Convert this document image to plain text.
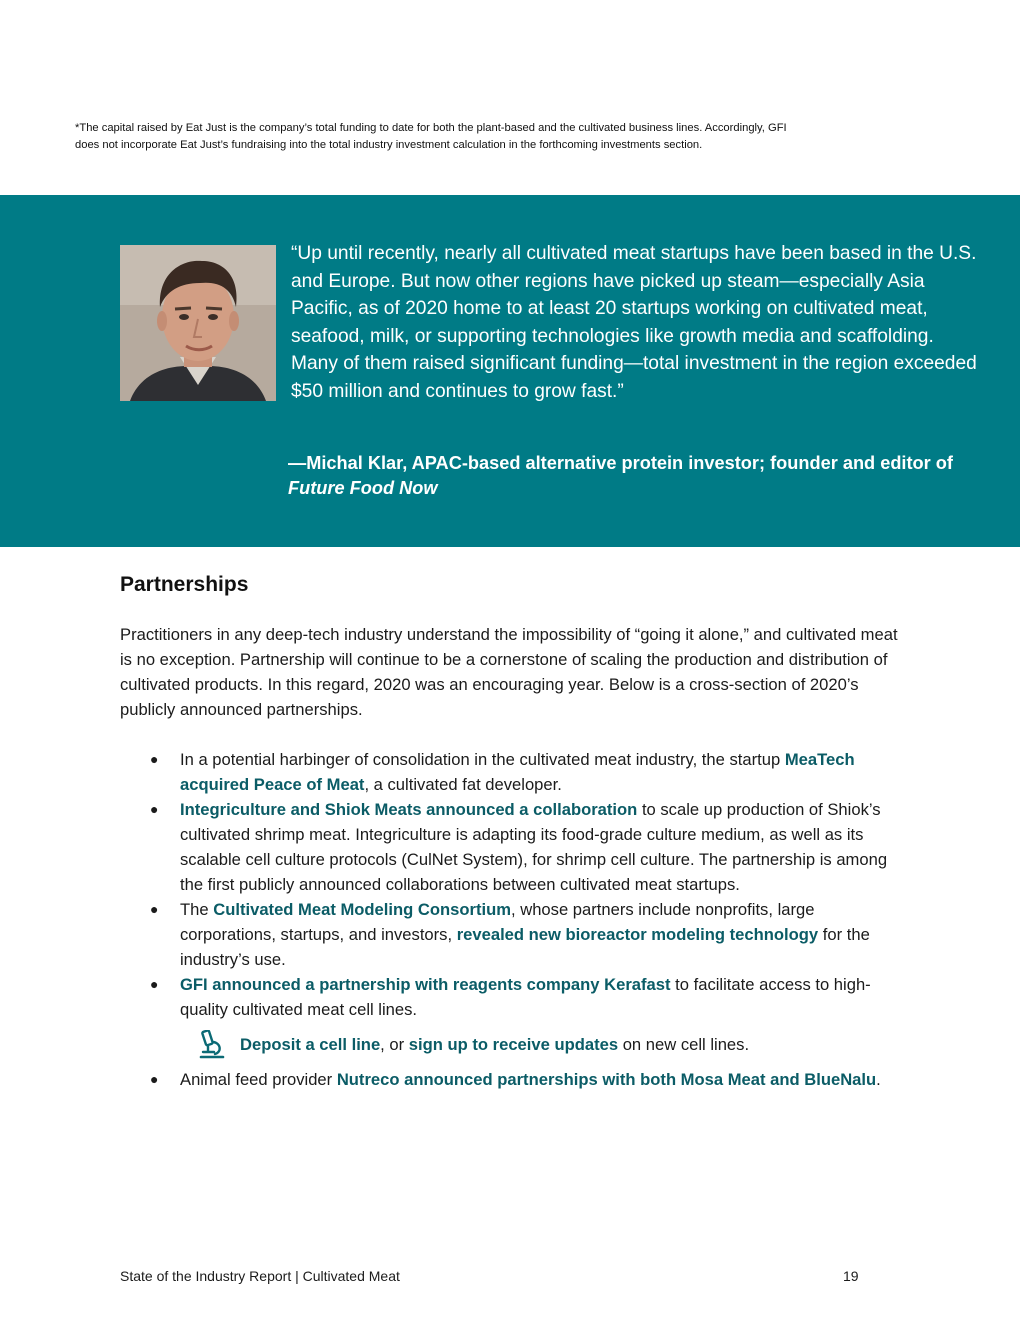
*The capital raised by Eat Just is the company’s total funding to date for both the plant-based and the cultivated business lines. Accordingly, GFI
does not incorporate Eat Just’s fundraising into the total industry investment calculation in the forthcoming investments section.
“Up until recently, nearly all cultivated meat startups have been based in the U.S. and Europe. But now other regions have picked up steam—especially Asia Pacific, as of 2020 home to at least 20 startups working on cultivated meat, seafood, milk, or supporting technologies like growth media and scaffolding. Many of them raised significant funding—total investment in the region exceeded $50 million and continues to grow fast.”
—Michal Klar, APAC-based alternative protein investor; founder and editor of Future Food Now
Partnerships

Practitioners in any deep-tech industry understand the impossibility of “going it alone,” and cultivated meat is no exception. Partnership will continue to be a cornerstone of scaling the production and distribution of cultivated products. In this regard, 2020 was an encouraging year. Below is a cross-section of 2020’s publicly announced partnerships.

● In a potential harbinger of consolidation in the cultivated meat industry, the startup MeaTech acquired Peace of Meat, a cultivated fat developer.
● Integriculture and Shiok Meats announced a collaboration to scale up production of Shiok’s cultivated shrimp meat. Integriculture is adapting its food-grade culture medium, as well as its scalable cell culture protocols (CulNet System), for shrimp cell culture. The partnership is among the first publicly announced collaborations between cultivated meat startups.
● The Cultivated Meat Modeling Consortium, whose partners include nonprofits, large corporations, startups, and investors, revealed new bioreactor modeling technology for the industry’s use.
● GFI announced a partnership with reagents company Kerafast to facilitate access to high-quality cultivated meat cell lines.
Deposit a cell line, or sign up to receive updates on new cell lines.
● Animal feed provider Nutreco announced partnerships with both Mosa Meat and BlueNalu.
State of the Industry Report | Cultivated Meat	19
